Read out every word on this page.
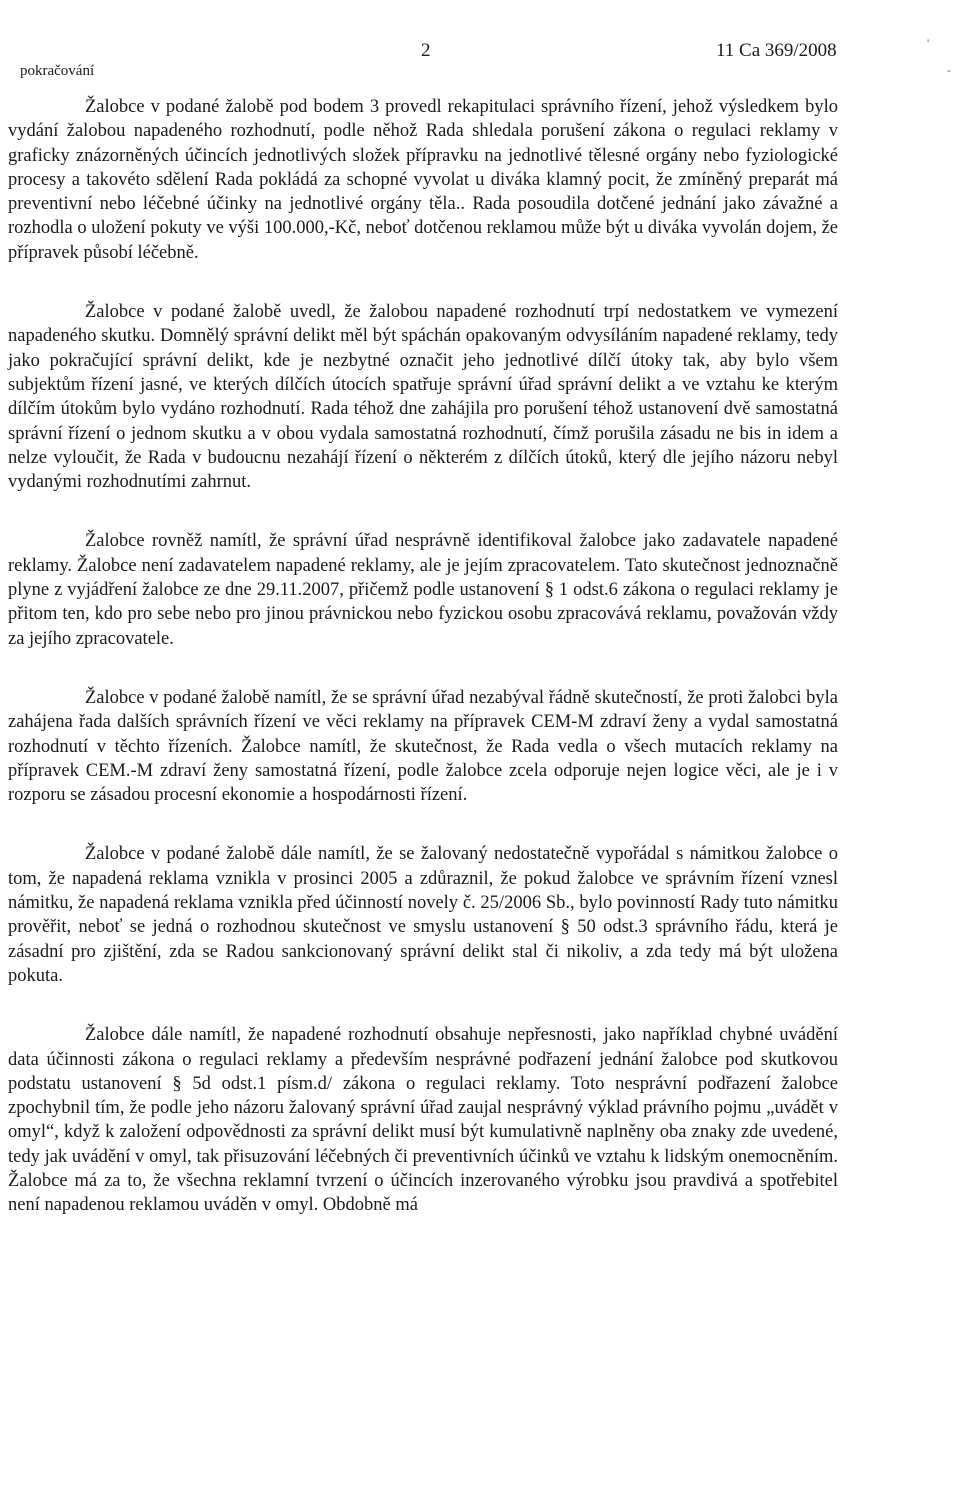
pokračování
2	11 Ca 369/2008	'
-

Žalobce v podané žalobě pod bodem 3 provedl rekapitulaci správního řízení, jehož výsledkem bylo vydání žalobou napadeného rozhodnutí, podle něhož Rada shledala porušení zákona o regulaci reklamy v graficky znázorněných účincích jednotlivých složek přípravku na jednotlivé tělesné orgány nebo fyziologické procesy a takovéto sdělení Rada pokládá za schopné vyvolat u diváka klamný pocit, že zmíněný preparát má preventivní nebo léčebné účinky na jednotlivé orgány těla.. Rada posoudila dotčené jednání jako závažné a rozhodla o uložení pokuty ve výši 100.000,-Kč, neboť dotčenou reklamou může být u diváka vyvolán dojem, že přípravek působí léčebně.

Žalobce v podané žalobě uvedl, že žalobou napadené rozhodnutí trpí nedostatkem ve vymezení napadeného skutku. Domnělý správní delikt měl být spáchán opakovaným odvysíláním napadené reklamy, tedy jako pokračující správní delikt, kde je nezbytné označit jeho jednotlivé dílčí útoky tak, aby bylo všem subjektům řízení jasné, ve kterých dílčích útocích spatřuje správní úřad správní delikt a ve vztahu ke kterým dílčím útokům bylo vydáno rozhodnutí. Rada téhož dne zahájila pro porušení téhož ustanovení dvě samostatná správní řízení o jednom skutku a v obou vydala samostatná rozhodnutí, čímž porušila zásadu ne bis in idem a nelze vyloučit, že Rada v budoucnu nezahájí řízení o některém z dílčích útoků, který dle jejího názoru nebyl vydanými rozhodnutími zahrnut.

Žalobce rovněž namítl, že správní úřad nesprávně identifikoval žalobce jako zadavatele napadené reklamy. Žalobce není zadavatelem napadené reklamy, ale je jejím zpracovatelem. Tato skutečnost jednoznačně plyne z vyjádření žalobce ze dne 29.11.2007, přičemž podle ustanovení § 1 odst.6 zákona o regulaci reklamy je přitom ten, kdo pro sebe nebo pro jinou právnickou nebo fyzickou osobu zpracovává reklamu, považován vždy za jejího zpracovatele.

Žalobce v podané žalobě namítl, že se správní úřad nezabýval řádně skutečností, že proti žalobci byla zahájena řada dalších správních řízení ve věci reklamy na přípravek CEM-M zdraví ženy a vydal samostatná rozhodnutí v těchto řízeních. Žalobce namítl, že skutečnost, že Rada vedla o všech mutacích reklamy na přípravek CEM.-M zdraví ženy samostatná řízení, podle žalobce zcela odporuje nejen logice věci, ale je i v rozporu se zásadou procesní ekonomie a hospodárnosti řízení.

Žalobce v podané žalobě dále namítl, že se žalovaný nedostatečně vypořádal s námitkou žalobce o tom, že napadená reklama vznikla v prosinci 2005 a zdůraznil, že pokud žalobce ve správním řízení vznesl námitku, že napadená reklama vznikla před účinností novely č. 25/2006 Sb., bylo povinností Rady tuto námitku prověřit, neboť se jedná o rozhodnou skutečnost ve smyslu ustanovení § 50 odst.3 správního řádu, která je zásadní pro zjištění, zda se Radou sankcionovaný správní delikt stal či nikoliv, a zda tedy má být uložena pokuta.

Žalobce dále namítl, že napadené rozhodnutí obsahuje nepřesnosti, jako například chybné uvádění data účinnosti zákona o regulaci reklamy a především nesprávné podřazení jednání žalobce pod skutkovou podstatu ustanovení § 5d odst.1 písm.d/ zákona o regulaci reklamy. Toto nesprávní podřazení žalobce zpochybnil tím, že podle jeho názoru žalovaný správní úřad zaujal nesprávný výklad právního pojmu „uvádět v omyl“, když k založení odpovědnosti za správní delikt musí být kumulativně naplněny oba znaky zde uvedené, tedy jak uvádění v omyl, tak přisuzování léčebných či preventivních účinků ve vztahu k lidským onemocněním. Žalobce má za to, že všechna reklamní tvrzení o účincích inzerovaného výrobku jsou pravdivá a spotřebitel není napadenou reklamou uváděn v omyl. Obdobně má
